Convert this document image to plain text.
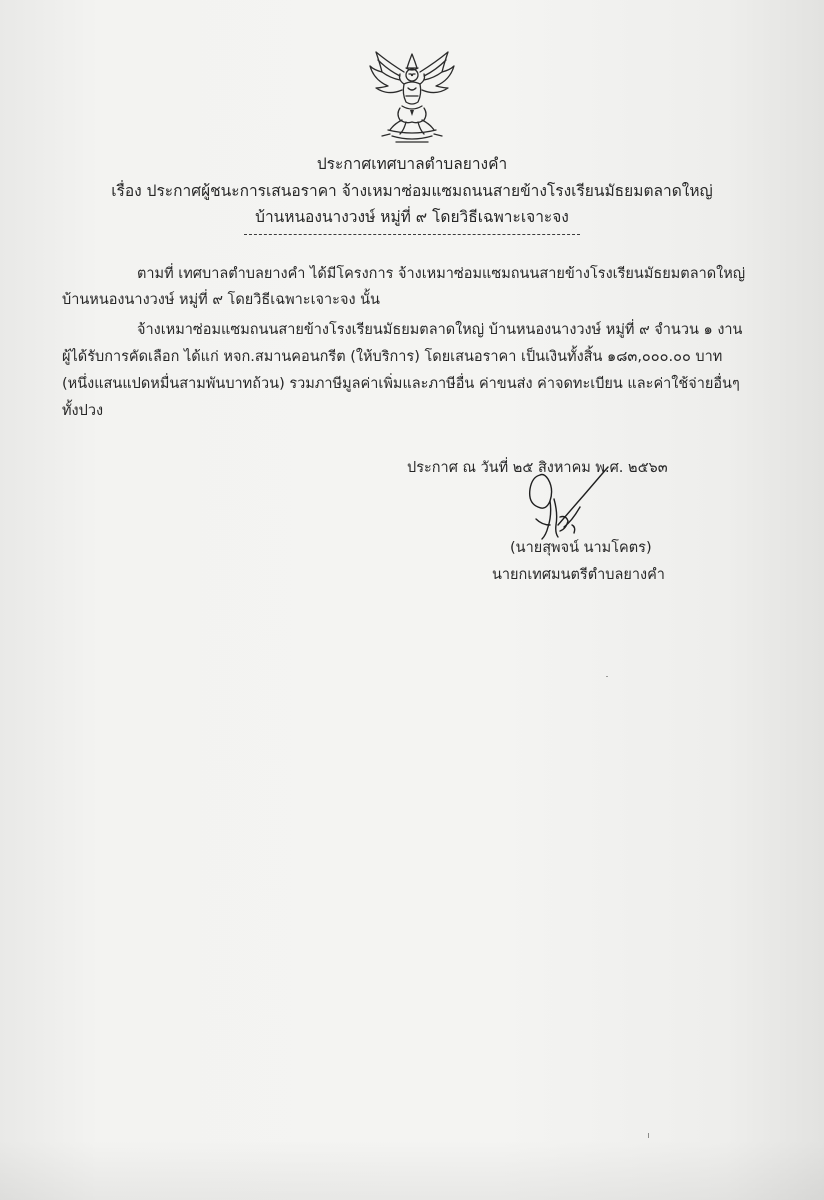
ประกาศเทศบาลตำบลยางคำ
เรื่อง ประกาศผู้ชนะการเสนอราคา จ้างเหมาซ่อมแซมถนนสายข้างโรงเรียนมัธยมตลาดใหญ่
บ้านหนองนางวงษ์ หมู่ที่ ๙ โดยวิธีเฉพาะเจาะจง
ตามที่ เทศบาลตำบลยางคำ ได้มีโครงการ จ้างเหมาซ่อมแซมถนนสายข้างโรงเรียนมัธยมตลาดใหญ่
บ้านหนองนางวงษ์ หมู่ที่ ๙ โดยวิธีเฉพาะเจาะจง นั้น
จ้างเหมาซ่อมแซมถนนสายข้างโรงเรียนมัธยมตลาดใหญ่ บ้านหนองนางวงษ์ หมู่ที่ ๙ จำนวน ๑ งาน
ผู้ได้รับการคัดเลือก ได้แก่ หจก.สมานคอนกรีต (ให้บริการ) โดยเสนอราคา เป็นเงินทั้งสิ้น ๑๘๓,๐๐๐.๐๐ บาท
(หนึ่งแสนแปดหมื่นสามพันบาทถ้วน) รวมภาษีมูลค่าเพิ่มและภาษีอื่น ค่าขนส่ง ค่าจดทะเบียน และค่าใช้จ่ายอื่นๆ
ทั้งปวง
ประกาศ ณ วันที่ ๒๕ สิงหาคม พ.ศ. ๒๕๖๓
(นายสุพจน์ นามโคตร)
นายกเทศมนตรีตำบลยางคำ
